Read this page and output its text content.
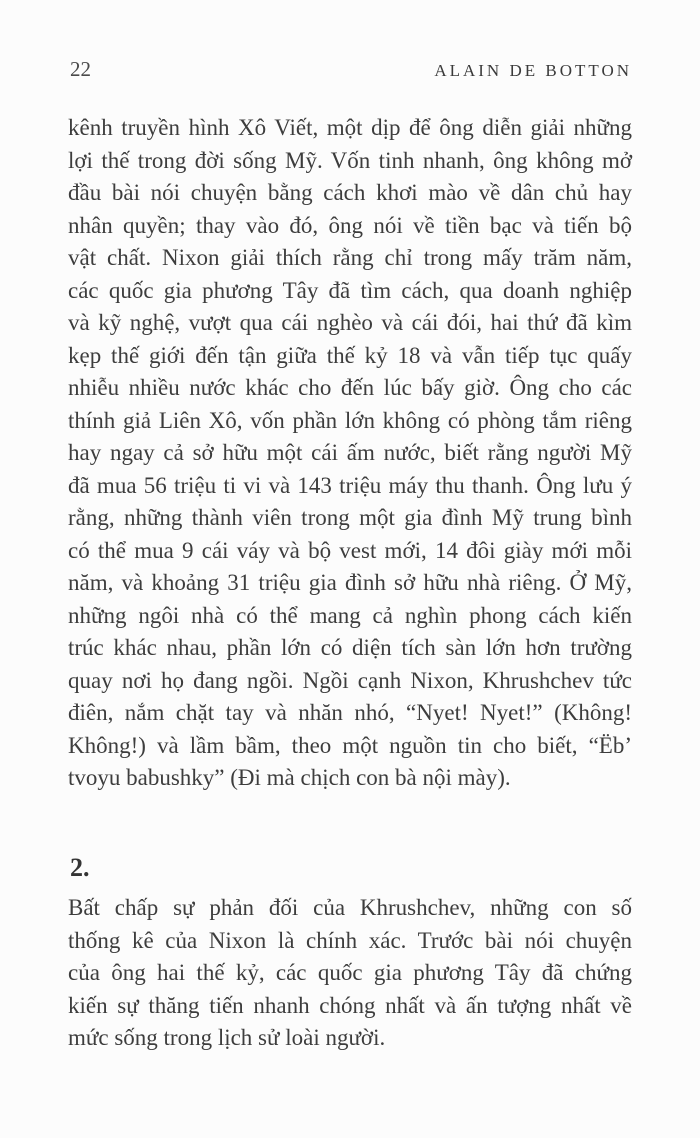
22	ALAIN DE BOTTON
kênh truyền hình Xô Viết, một dịp để ông diễn giải những
lợi thế trong đời sống Mỹ. Vốn tinh nhanh, ông không mở
đầu bài nói chuyện bằng cách khơi mào về dân chủ hay
nhân quyền; thay vào đó, ông nói về tiền bạc và tiến bộ
vật chất. Nixon giải thích rằng chỉ trong mấy trăm năm,
các quốc gia phương Tây đã tìm cách, qua doanh nghiệp
và kỹ nghệ, vượt qua cái nghèo và cái đói, hai thứ đã kìm
kẹp thế giới đến tận giữa thế kỷ 18 và vẫn tiếp tục quấy
nhiễu nhiều nước khác cho đến lúc bấy giờ. Ông cho các
thính giả Liên Xô, vốn phần lớn không có phòng tắm riêng
hay ngay cả sở hữu một cái ấm nước, biết rằng người Mỹ
đã mua 56 triệu ti vi và 143 triệu máy thu thanh. Ông lưu ý
rằng, những thành viên trong một gia đình Mỹ trung bình
có thể mua 9 cái váy và bộ vest mới, 14 đôi giày mới mỗi
năm, và khoảng 31 triệu gia đình sở hữu nhà riêng. Ở Mỹ,
những ngôi nhà có thể mang cả nghìn phong cách kiến
trúc khác nhau, phần lớn có diện tích sàn lớn hơn trường
quay nơi họ đang ngồi. Ngồi cạnh Nixon, Khrushchev tức
điên, nắm chặt tay và nhăn nhó, “Nyet! Nyet!” (Không!
Không!) và lầm bầm, theo một nguồn tin cho biết, “Ëb’
tvoyu babushky” (Đi mà chịch con bà nội mày).
2.
Bất chấp sự phản đối của Khrushchev, những con số
thống kê của Nixon là chính xác. Trước bài nói chuyện
của ông hai thế kỷ, các quốc gia phương Tây đã chứng
kiến sự thăng tiến nhanh chóng nhất và ấn tượng nhất về
mức sống trong lịch sử loài người.
